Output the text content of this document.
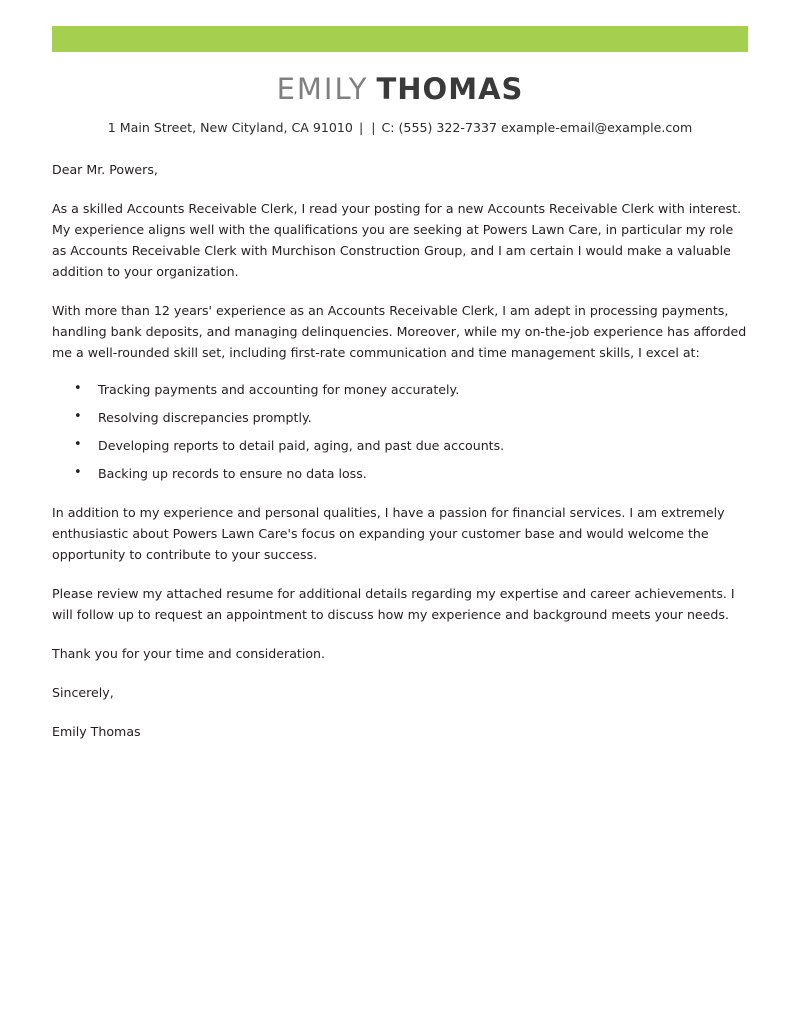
EMILY THOMAS
1 Main Street, New Cityland, CA 91010 | | C: (555) 322-7337 example-email@example.com
Dear Mr. Powers,

As a skilled Accounts Receivable Clerk, I read your posting for a new Accounts Receivable Clerk with interest. My experience aligns well with the qualifications you are seeking at Powers Lawn Care, in particular my role as Accounts Receivable Clerk with Murchison Construction Group, and I am certain I would make a valuable addition to your organization.

With more than 12 years' experience as an Accounts Receivable Clerk, I am adept in processing payments, handling bank deposits, and managing delinquencies. Moreover, while my on-the-job experience has afforded me a well-rounded skill set, including first-rate communication and time management skills, I excel at:

• Tracking payments and accounting for money accurately.
• Resolving discrepancies promptly.
• Developing reports to detail paid, aging, and past due accounts.
• Backing up records to ensure no data loss.

In addition to my experience and personal qualities, I have a passion for financial services. I am extremely enthusiastic about Powers Lawn Care's focus on expanding your customer base and would welcome the opportunity to contribute to your success.

Please review my attached resume for additional details regarding my expertise and career achievements. I will follow up to request an appointment to discuss how my experience and background meets your needs.

Thank you for your time and consideration.

Sincerely,

Emily Thomas
